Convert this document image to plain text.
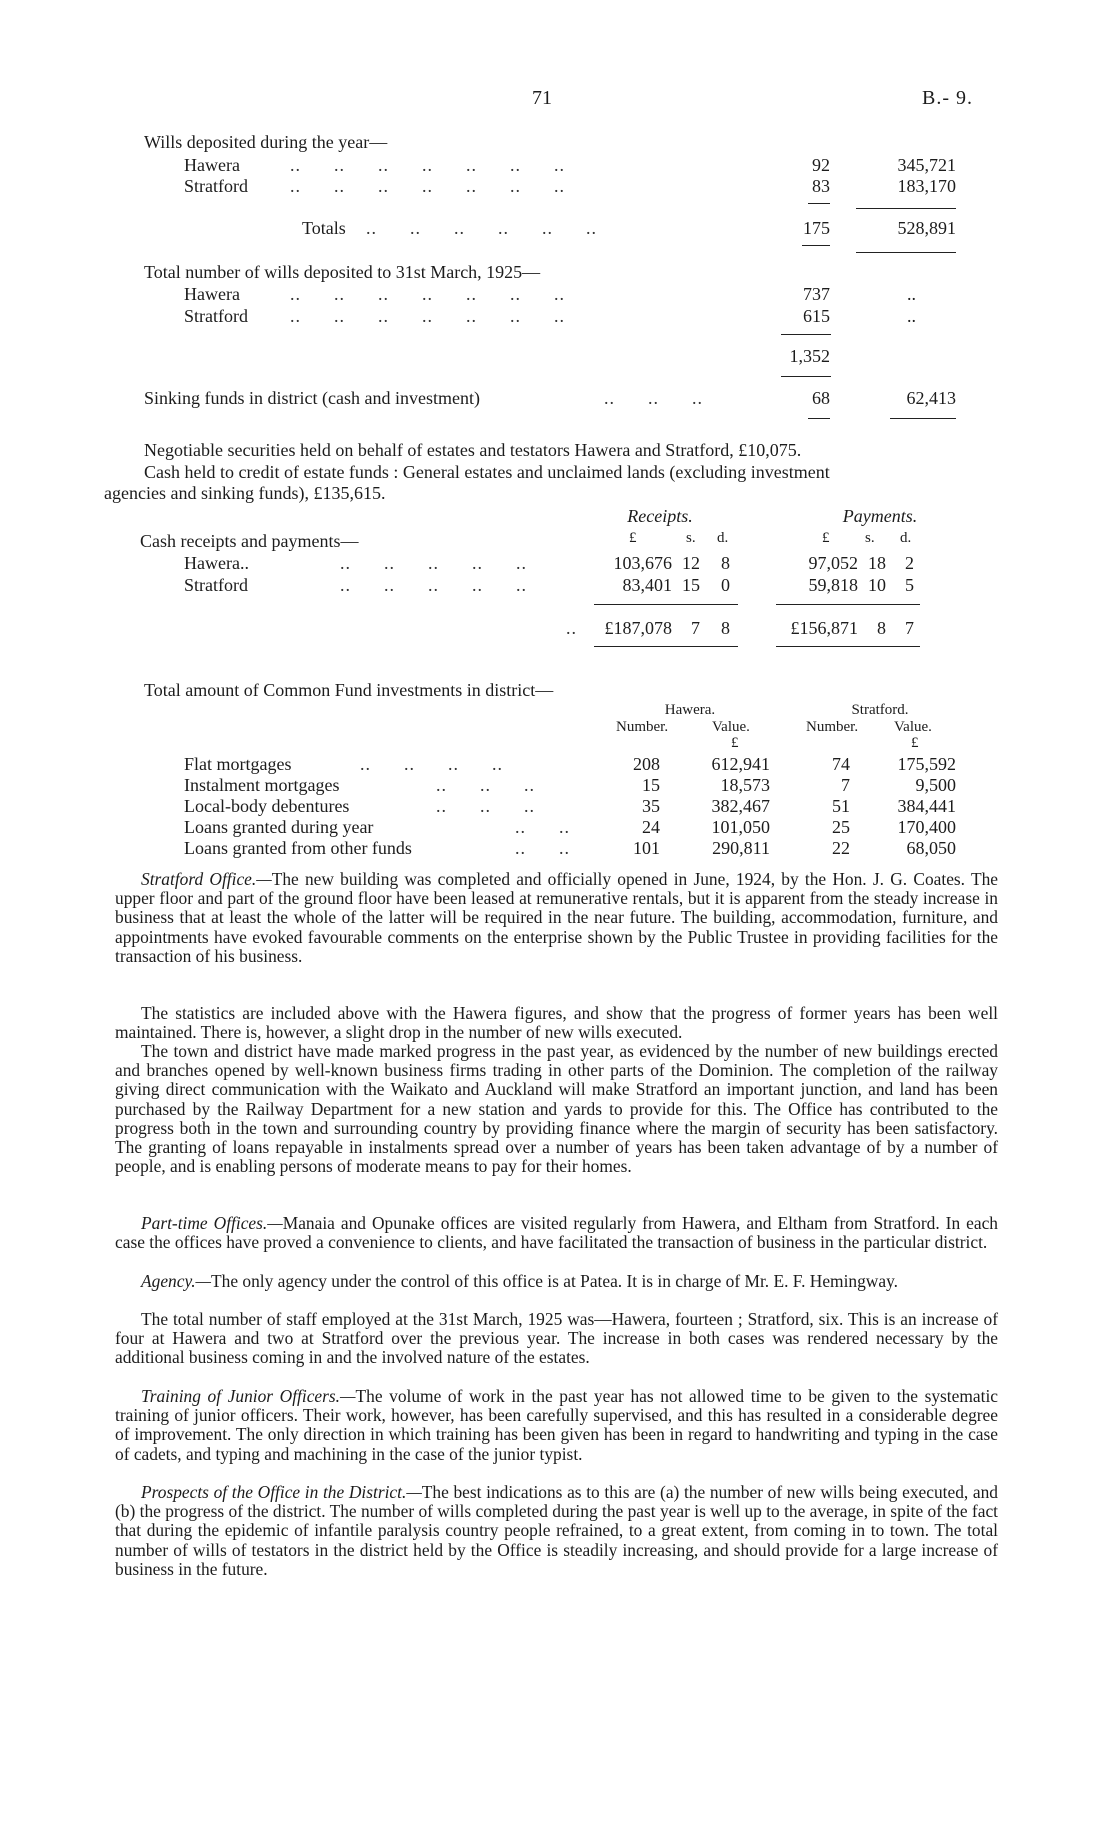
71	B.- 9.
Wills deposited during the year—
Hawera	..      ..      ..      ..      ..      ..      ..	92	345,721
Stratford ..      ..      ..      ..      ..      ..      ..	83	183,170
Totals ..      ..      ..      ..      ..      ..	175	528,891
Total number of wills deposited to 31st March, 1925—
Hawera	..      ..      ..      ..      ..      ..      ..	737	..
Stratford ..      ..      ..      ..      ..      ..      ..	615	..
1,352
Sinking funds in district (cash and investment)	..      ..      ..	68	62,413
Negotiable securities held on behalf of estates and testators Hawera and Stratford, £10,075.
Cash held to credit of estate funds : General estates and unclaimed lands (excluding investment
agencies and sinking funds), £135,615.
Receipts.	Payments.
£	s. d.	£ s. d.
Cash receipts and payments—
Hawera..	..      ..      ..      ..      ..	103,676 12	8	97,052 18	2
Stratford	..      ..      ..      ..      ..	83,401 15	0	59,818 10	5
..	£187,078	7	8	£156,871	8	7
Total amount of Common Fund investments in district—
Hawera.	Stratford.
Number.	Value.	Number. Value.
£	£
Flat mortgages	..      ..      ..      ..	208	612,941	74	175,592
Instalment mortgages	..      ..      ..	15	18,573	7	9,500
Local-body debentures	..      ..      ..	35	382,467	51	384,441
Loans granted during year	..      ..	24	101,050	25	170,400
Loans granted from other funds	..      ..	101	290,811	22	68,050
Stratford Office.—The new building was completed and officially opened in June, 1924, by the Hon. J. G. Coates. The upper floor and part of the ground floor have been leased at remunerative rentals, but it is apparent from the steady increase in business that at least the whole of the latter will be required in the near future. The building, accommodation, furniture, and appointments have evoked favourable comments on the enterprise shown by the Public Trustee in providing facilities for the transaction of his business.
The statistics are included above with the Hawera figures, and show that the progress of former years has been well maintained. There is, however, a slight drop in the number of new wills executed.
The town and district have made marked progress in the past year, as evidenced by the number of new buildings erected and branches opened by well-known business firms trading in other parts of the Dominion. The completion of the railway giving direct communication with the Waikato and Auckland will make Stratford an important junction, and land has been purchased by the Railway Department for a new station and yards to provide for this. The Office has contributed to the progress both in the town and surrounding country by providing finance where the margin of security has been satisfactory. The granting of loans repayable in instalments spread over a number of years has been taken advantage of by a number of people, and is enabling persons of moderate means to pay for their homes.
Part-time Offices.—Manaia and Opunake offices are visited regularly from Hawera, and Eltham from Stratford. In each case the offices have proved a convenience to clients, and have facilitated the transaction of business in the particular district.
Agency.—The only agency under the control of this office is at Patea. It is in charge of Mr. E. F. Hemingway.
The total number of staff employed at the 31st March, 1925 was—Hawera, fourteen ; Stratford, six. This is an increase of four at Hawera and two at Stratford over the previous year. The increase in both cases was rendered necessary by the additional business coming in and the involved nature of the estates.
Training of Junior Officers.—The volume of work in the past year has not allowed time to be given to the systematic training of junior officers. Their work, however, has been carefully supervised, and this has resulted in a considerable degree of improvement. The only direction in which training has been given has been in regard to handwriting and typing in the case of cadets, and typing and machining in the case of the junior typist.
Prospects of the Office in the District.—The best indications as to this are (a) the number of new wills being executed, and (b) the progress of the district. The number of wills completed during the past year is well up to the average, in spite of the fact that during the epidemic of infantile paralysis country people refrained, to a great extent, from coming in to town. The total number of wills of testators in the district held by the Office is steadily increasing, and should provide for a large increase of business in the future.
